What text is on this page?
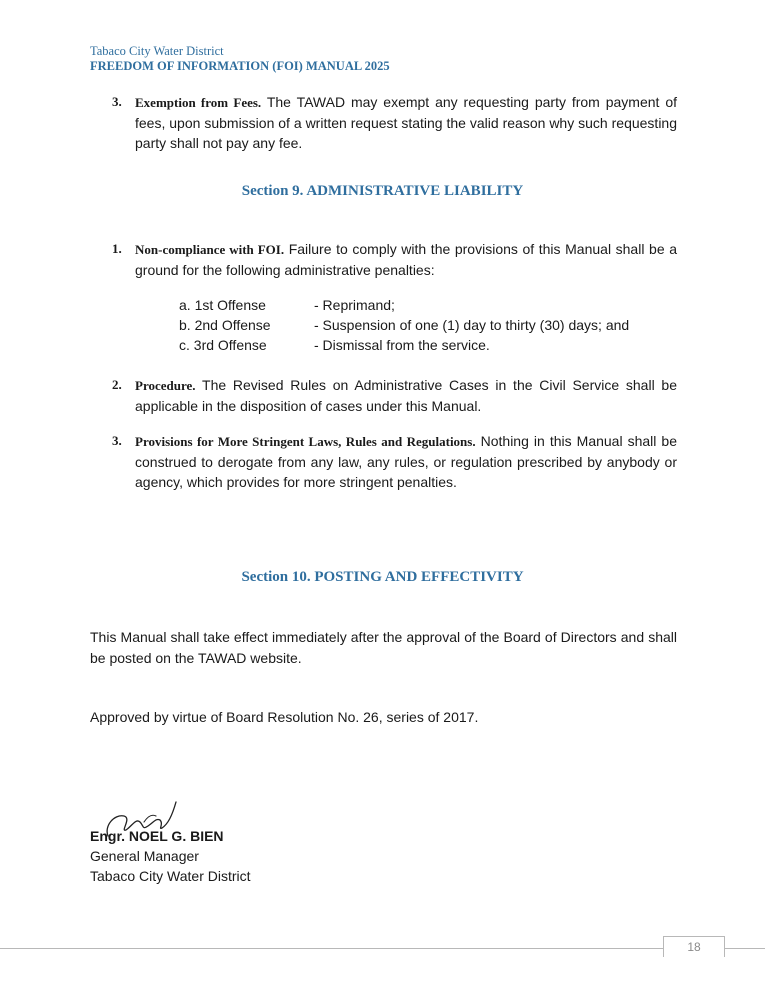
Tabaco City Water District
FREEDOM OF INFORMATION (FOI) MANUAL 2025
3. Exemption from Fees. The TAWAD may exempt any requesting party from payment of fees, upon submission of a written request stating the valid reason why such requesting party shall not pay any fee.
Section 9. ADMINISTRATIVE LIABILITY
1. Non-compliance with FOI. Failure to comply with the provisions of this Manual shall be a ground for the following administrative penalties:
a. 1st Offense	- Reprimand;
b. 2nd Offense	- Suspension of one (1) day to thirty (30) days; and
c. 3rd Offense	- Dismissal from the service.
2. Procedure. The Revised Rules on Administrative Cases in the Civil Service shall be applicable in the disposition of cases under this Manual.
3. Provisions for More Stringent Laws, Rules and Regulations. Nothing in this Manual shall be construed to derogate from any law, any rules, or regulation prescribed by anybody or agency, which provides for more stringent penalties.
Section 10. POSTING AND EFFECTIVITY
This Manual shall take effect immediately after the approval of the Board of Directors and shall be posted on the TAWAD website.
Approved by virtue of Board Resolution No. 26, series of 2017.
Engr. NOEL G. BIEN
General Manager
Tabaco City Water District
18
